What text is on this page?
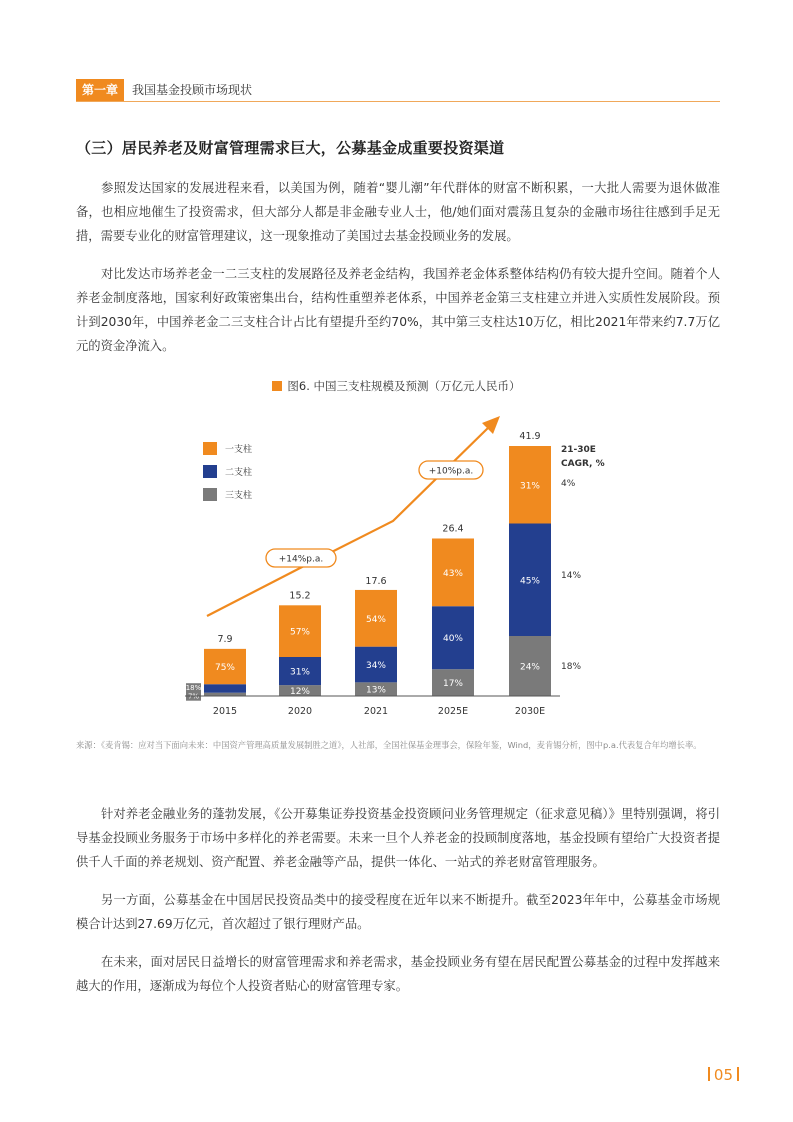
第一章	我国基金投顾市场现状
（三）居民养老及财富管理需求巨大，公募基金成重要投资渠道

参照发达国家的发展进程来看，以美国为例，随着“婴儿潮”年代群体的财富不断积累，一大批人需要为退休做准备，也相应地催生了投资需求，但大部分人都是非金融专业人士，他/她们面对震荡且复杂的金融市场往往感到手足无措，需要专业化的财富管理建议，这一现象推动了美国过去基金投顾业务的发展。

对比发达市场养老金一二三支柱的发展路径及养老金结构，我国养老金体系整体结构仍有较大提升空间。随着个人养老金制度落地，国家利好政策密集出台，结构性重塑养老体系，中国养老金第三支柱建立并进入实质性发展阶段。预计到2030年，中国养老金二三支柱合计占比有望提升至约70%，其中第三支柱达10万亿，相比2021年带来约7.7万亿元的资金净流入。

图6. 中国三支柱规模及预测（万亿元人民币）
7%
18%
75%
7.9
2015
12%
31%
57%
15.2
2020
13%
34%
54%
17.6
2021
17%
40%
43%
26.4
2025E
24%
45%
31%
41.9
2030E
一支柱
二支柱
三支柱
21-30E
CAGR, %
4%
14%
18%
+14%p.a.
+10%p.a.
来源：《麦肯锡：应对当下面向未来：中国资产管理高质量发展制胜之道》，人社部，全国社保基金理事会，保险年鉴，Wind，麦肯锡分析，图中p.a.代表复合年均增长率。

针对养老金融业务的蓬勃发展，《公开募集证券投资基金投资顾问业务管理规定（征求意见稿）》里特别强调，将引导基金投顾业务服务于市场中多样化的养老需要。未来一旦个人养老金的投顾制度落地，基金投顾有望给广大投资者提供千人千面的养老规划、资产配置、养老金融等产品，提供一体化、一站式的养老财富管理服务。

另一方面，公募基金在中国居民投资品类中的接受程度在近年以来不断提升。截至2023年年中，公募基金市场规模合计达到27.69万亿元，首次超过了银行理财产品。

在未来，面对居民日益增长的财富管理需求和养老需求，基金投顾业务有望在居民配置公募基金的过程中发挥越来越大的作用，逐渐成为每位个人投资者贴心的财富管理专家。

05
